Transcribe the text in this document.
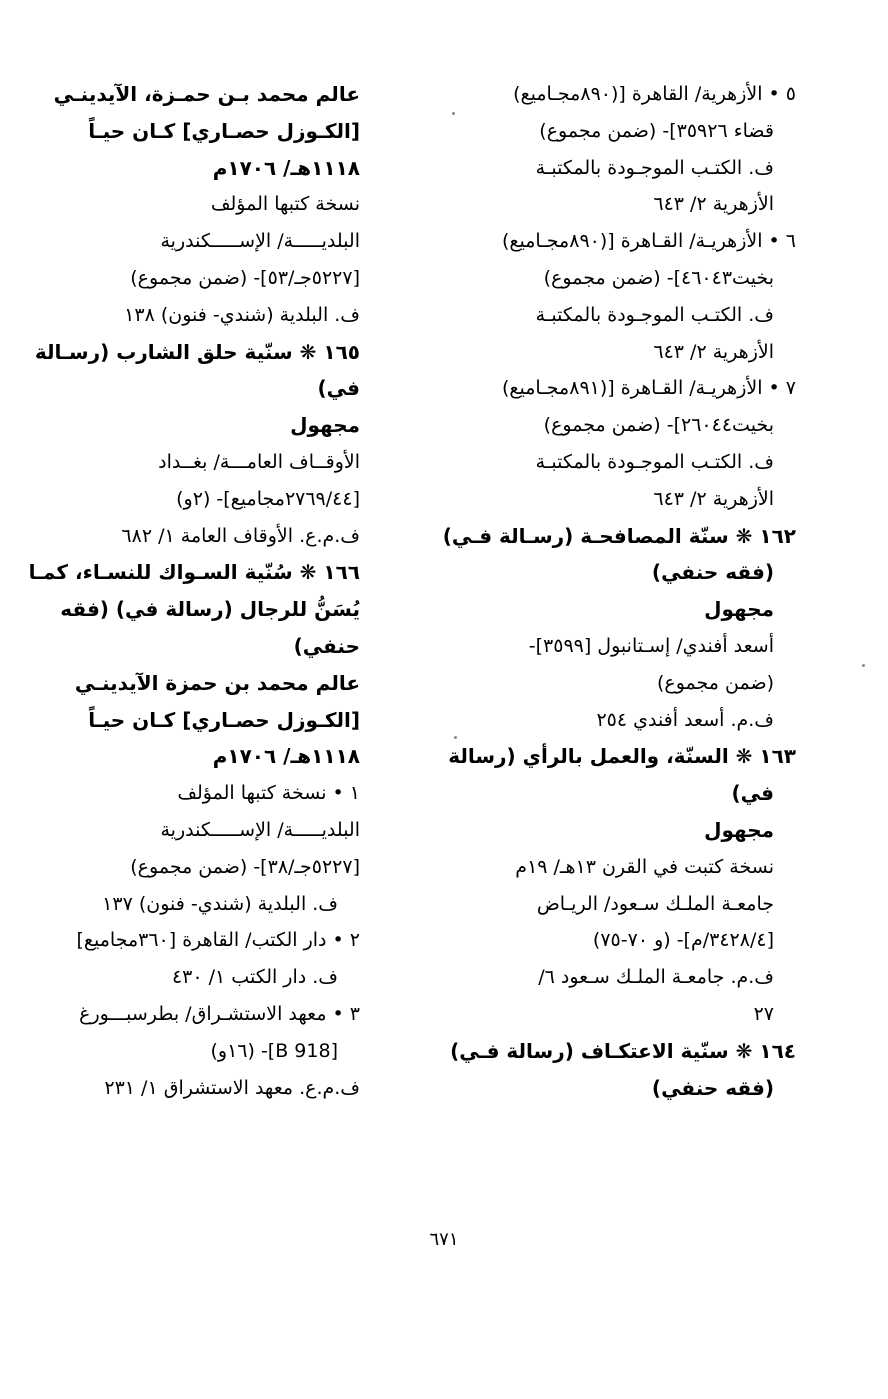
٥ • الأزهرية/ القاهرة [(٨٩٠مجـاميع)
قضاء ٣٥٩٢٦]- (ضمن مجموع)
ف. الكتـب الموجـودة بالمكتبـة
الأزهرية ٢/ ٦٤٣
٦ • الأزهريـة/ القـاهرة [(٨٩٠مجـاميع)
بخيت٤٦٠٤٣]- (ضمن مجموع)
ف. الكتـب الموجـودة بالمكتبـة
الأزهرية ٢/ ٦٤٣
٧ • الأزهريـة/ القـاهرة [(٨٩١مجـاميع)
بخيت٢٦٠٤٤]- (ضمن مجموع)
ف. الكتـب الموجـودة بالمكتبـة
الأزهرية ٢/ ٦٤٣
١٦٢ ❋ سنّة المصافحـة (رسـالة فـي)
(فقه حنفي)
مجهول
أسعد أفندي/ إسـتانبول [٣٥٩٩]-
(ضمن مجموع)
ف.م. أسعد أفندي ٢٥٤
١٦٣ ❋ السنّة، والعمل بالرأي (رسالة
في)
مجهول
نسخة كتبت في القرن ١٣هـ/ ١٩م
جامعـة الملـك سـعود/ الريـاض
[٣٤٢٨/٤/م]- (و ٧٠-٧٥)
ف.م. جامعـة الملـك سـعود ٦/
٢٧
١٦٤ ❋ سنّية الاعتكـاف (رسالة فـي)
(فقه حنفي)
عالم محمد بـن حمـزة، الآيدينـي
[الكـوزل حصـاري] كـان حيـاً
١١١٨هـ/ ١٧٠٦م
نسخة كتبها المؤلف
البلديـــــة/ الإســـــكندرية
[٥٢٢٧جـ/٥٣]- (ضمن مجموع)
ف. البلدية (شندي- فنون) ١٣٨
١٦٥ ❋ سنّية حلق الشارب (رسـالة
في)
مجهول
الأوقــاف العامـــة/ بغــداد
[٢٧٦٩/٤٤مجاميع]- (٢و)
ف.م.ع. الأوقاف العامة ١/ ٦٨٢
١٦٦ ❋ سُنّية السـواك للنسـاء، كمـا
يُسَنُّ للرجال (رسالة في) (فقه
حنفي)
عالم محمد بن حمزة الآيدينـي
[الكـوزل حصـاري] كـان حيـاً
١١١٨هـ/ ١٧٠٦م
١ • نسخة كتبها المؤلف
البلديـــــة/ الإســـــكندرية
[٥٢٢٧جـ/٣٨]- (ضمن مجموع)
ف. البلدية (شندي- فنون) ١٣٧
٢ • دار الكتب/ القاهرة [٣٦٠مجاميع]
ف. دار الكتب ١/ ٤٣٠
٣ • معهد الاستشـراق/ بطرسبـــورغ
[B 918]- (١٦و)
ف.م.ع. معهد الاستشراق ١/ ٢٣١
٦٧١
